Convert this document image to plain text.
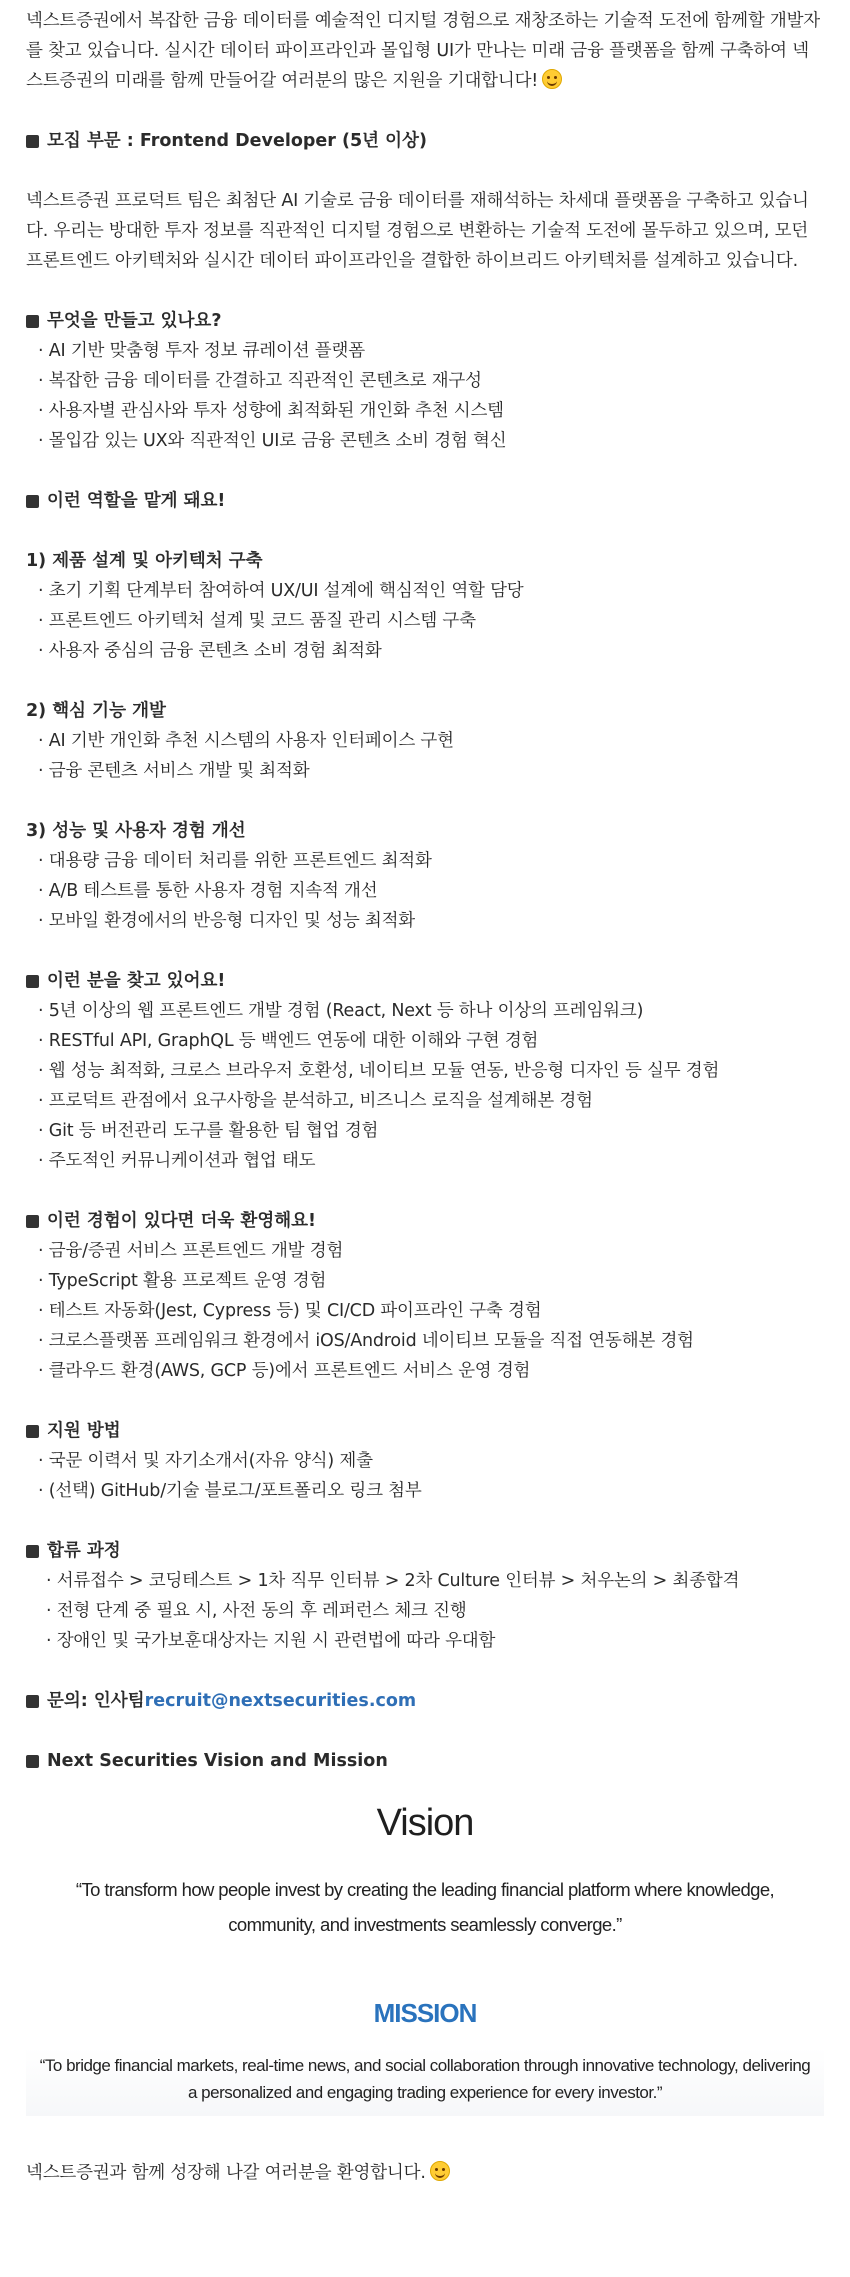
넥스트증권에서 복잡한 금융 데이터를 예술적인 디지털 경험으로 재창조하는 기술적 도전에 함께할 개발자를 찾고 있습니다. 실시간 데이터 파이프라인과 몰입형 UI가 만나는 미래 금융 플랫폼을 함께 구축하여 넥스트증권의 미래를 함께 만들어갈 여러분의 많은 지원을 기대합니다!

모집 부문 : Frontend Developer (5년 이상)

넥스트증권 프로덕트 팀은 최첨단 AI 기술로 금융 데이터를 재해석하는 차세대 플랫폼을 구축하고 있습니다. 우리는 방대한 투자 정보를 직관적인 디지털 경험으로 변환하는 기술적 도전에 몰두하고 있으며, 모던 프론트엔드 아키텍처와 실시간 데이터 파이프라인을 결합한 하이브리드 아키텍처를 설계하고 있습니다.

무엇을 만들고 있나요?
· AI 기반 맞춤형 투자 정보 큐레이션 플랫폼
· 복잡한 금융 데이터를 간결하고 직관적인 콘텐츠로 재구성
· 사용자별 관심사와 투자 성향에 최적화된 개인화 추천 시스템
· 몰입감 있는 UX와 직관적인 UI로 금융 콘텐츠 소비 경험 혁신
이런 역할을 맡게 돼요!

1) 제품 설계 및 아키텍처 구축

· 초기 기획 단계부터 참여하여 UX/UI 설계에 핵심적인 역할 담당
· 프론트엔드 아키텍처 설계 및 코드 품질 관리 시스템 구축
· 사용자 중심의 금융 콘텐츠 소비 경험 최적화

2) 핵심 기능 개발

· AI 기반 개인화 추천 시스템의 사용자 인터페이스 구현
· 금융 콘텐츠 서비스 개발 및 최적화

3) 성능 및 사용자 경험 개선

· 대용량 금융 데이터 처리를 위한 프론트엔드 최적화
· A/B 테스트를 통한 사용자 경험 지속적 개선
· 모바일 환경에서의 반응형 디자인 및 성능 최적화
이런 분을 찾고 있어요!
· 5년 이상의 웹 프론트엔드 개발 경험 (React, Next 등 하나 이상의 프레임워크)
· RESTful API, GraphQL 등 백엔드 연동에 대한 이해와 구현 경험
· 웹 성능 최적화, 크로스 브라우저 호환성, 네이티브 모듈 연동, 반응형 디자인 등 실무 경험
· 프로덕트 관점에서 요구사항을 분석하고, 비즈니스 로직을 설계해본 경험
· Git 등 버전관리 도구를 활용한 팀 협업 경험
· 주도적인 커뮤니케이션과 협업 태도
이런 경험이 있다면 더욱 환영해요!
· 금융/증권 서비스 프론트엔드 개발 경험
· TypeScript 활용 프로젝트 운영 경험
· 테스트 자동화(Jest, Cypress 등) 및 CI/CD 파이프라인 구축 경험
· 크로스플랫폼 프레임워크 환경에서 iOS/Android 네이티브 모듈을 직접 연동해본 경험
· 클라우드 환경(AWS, GCP 등)에서 프론트엔드 서비스 운영 경험
지원 방법
· 국문 이력서 및 자기소개서(자유 양식) 제출
· (선택) GitHub/기술 블로그/포트폴리오 링크 첨부
합류 과정
· 서류접수 > 코딩테스트 > 1차 직무 인터뷰 > 2차 Culture 인터뷰 > 처우논의 > 최종합격
· 전형 단계 중 필요 시, 사전 동의 후 레퍼런스 체크 진행
· 장애인 및 국가보훈대상자는 지원 시 관련법에 따라 우대함
문의: 인사팀 recruit@nextsecurities.com
Next Securities Vision and Mission
Vision
“To transform how people invest by creating the leading financial platform where knowledge, community, and investments seamlessly converge.”
MISSION
“To bridge financial markets, real-time news, and social collaboration through innovative technology, delivering a personalized and engaging trading experience for every investor.”

넥스트증권과 함께 성장해 나갈 여러분을 환영합니다.
